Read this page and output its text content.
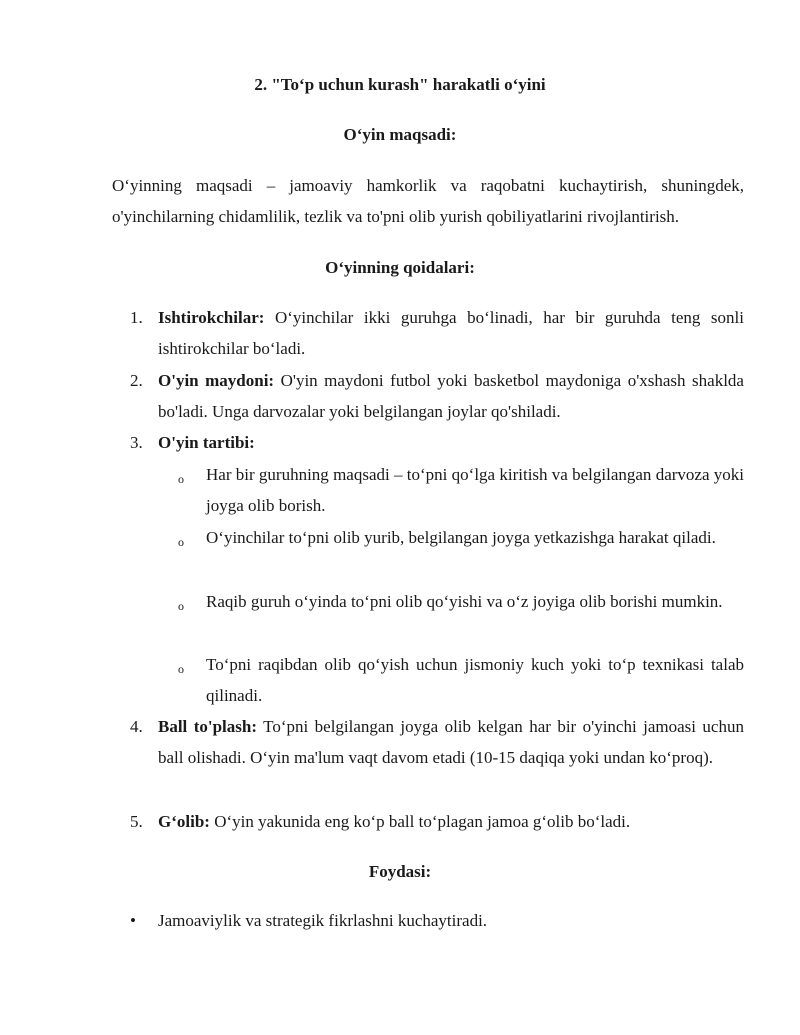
2. "To‘p uchun kurash" harakatli o‘yini
O‘yin maqsadi:
O‘yinning maqsadi – jamoaviy hamkorlik va raqobatni kuchaytirish, shuningdek, o'yinchilarning chidamlilik, tezlik va to'pni olib yurish qobiliyatlarini rivojlantirish.
O‘yinning qoidalari:
1. Ishtirokchilar: O‘yinchilar ikki guruhga bo‘linadi, har bir guruhda teng sonli ishtirokchilar bo‘ladi.
2. O'yin maydoni: O'yin maydoni futbol yoki basketbol maydoniga o'xshash shaklda bo'ladi. Unga darvozalar yoki belgilangan joylar qo'shiladi.
3. O'yin tartibi:
o Har bir guruhning maqsadi – to‘pni qo‘lga kiritish va belgilangan darvoza yoki joyga olib borish.
o O‘yinchilar to‘pni olib yurib, belgilangan joyga yetkazishga harakat qiladi.
o Raqib guruh o‘yinda to‘pni olib qo‘yishi va o‘z joyiga olib borishi mumkin.
o To‘pni raqibdan olib qo‘yish uchun jismoniy kuch yoki to‘p texnikasi talab qilinadi.
4. Ball to'plash: To‘pni belgilangan joyga olib kelgan har bir o'yinchi jamoasi uchun ball olishadi. O‘yin ma'lum vaqt davom etadi (10-15 daqiqa yoki undan ko‘proq).
5. G‘olib: O‘yin yakunida eng ko‘p ball to‘plagan jamoa g‘olib bo‘ladi.
Foydasi:
• Jamoaviylik va strategik fikrlashni kuchaytiradi.
